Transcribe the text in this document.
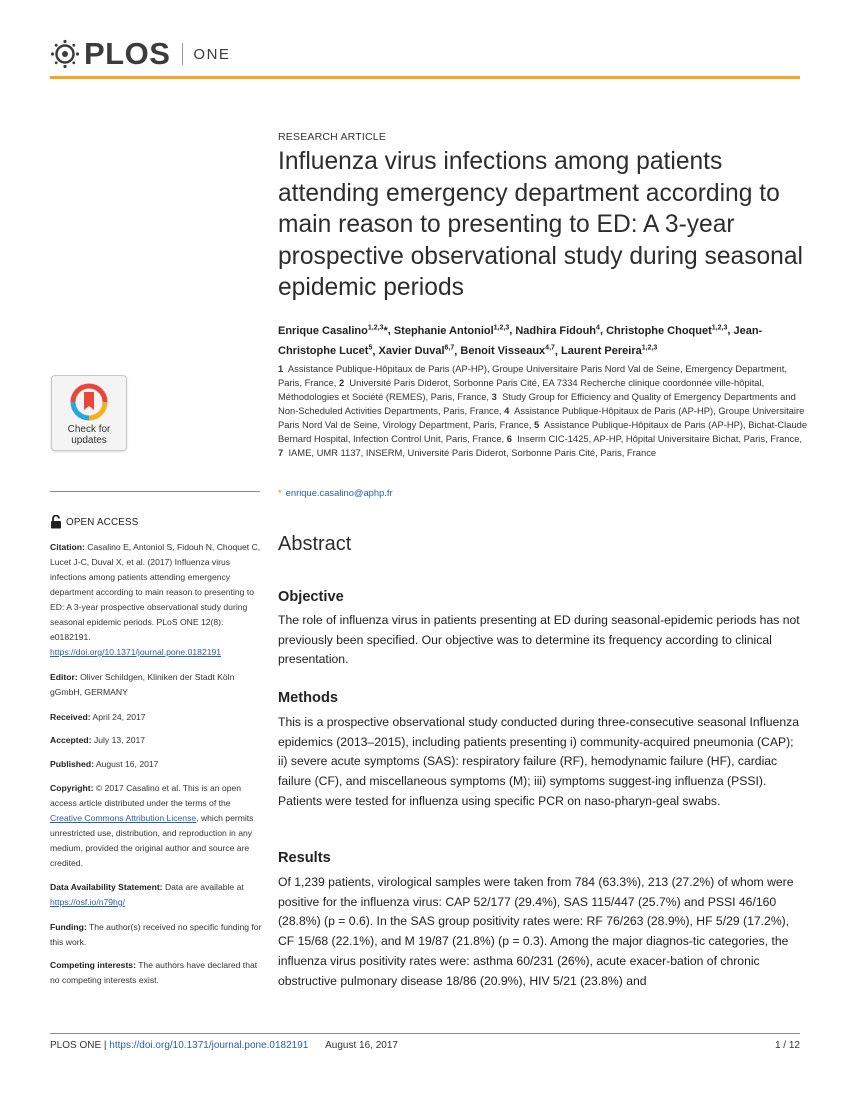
PLOS ONE
RESEARCH ARTICLE
Influenza virus infections among patients attending emergency department according to main reason to presenting to ED: A 3-year prospective observational study during seasonal epidemic periods
Enrique Casalino$^{1,2,3}$*, Stephanie Antoniol$^{1,2,3}$, Nadhira Fidouh$^4$, Christophe Choquet$^{1,2,3}$, Jean-Christophe Lucet$^5$, Xavier Duval$^{6,7}$, Benoit Visseaux$^{4,7}$, Laurent Pereira$^{1,2,3}$
1 Assistance Publique-Hôpitaux de Paris (AP-HP), Groupe Universitaire Paris Nord Val de Seine, Emergency Department, Paris, France, 2 Université Paris Diderot, Sorbonne Paris Cité, EA 7334 Recherche clinique coordonnée ville-hôpital, Méthodologies et Société (REMES), Paris, France, 3 Study Group for Efficiency and Quality of Emergency Departments and Non-Scheduled Activities Departments, Paris, France, 4 Assistance Publique-Hôpitaux de Paris (AP-HP), Groupe Universitaire Paris Nord Val de Seine, Virology Department, Paris, France, 5 Assistance Publique-Hôpitaux de Paris (AP-HP), Bichat-Claude Bernard Hospital, Infection Control Unit, Paris, France, 6 Inserm CIC-1425, AP-HP, Hôpital Universitaire Bichat, Paris, France, 7 IAME, UMR 1137, INSERM, Université Paris Diderot, Sorbonne Paris Cité, Paris, France
* enrique.casalino@aphp.fr
Check for
updates
OPEN ACCESS
Citation: Casalino E, Antoniol S, Fidouh N, Choquet C, Lucet J-C, Duval X, et al. (2017) Influenza virus infections among patients attending emergency department according to main reason to presenting to ED: A 3-year prospective observational study during seasonal epidemic periods. PLoS ONE 12(8): e0182191. https://doi.org/10.1371/journal.pone.0182191
Editor: Oliver Schildgen, Kliniken der Stadt Köln gGmbH, GERMANY
Received: April 24, 2017
Accepted: July 13, 2017
Published: August 16, 2017
Copyright: © 2017 Casalino et al. This is an open access article distributed under the terms of the Creative Commons Attribution License, which permits unrestricted use, distribution, and reproduction in any medium, provided the original author and source are credited.
Data Availability Statement: Data are available at https://osf.io/n79hg/
Funding: The author(s) received no specific funding for this work.
Competing interests: The authors have declared that no competing interests exist.
Abstract
Objective

The role of influenza virus in patients presenting at ED during seasonal-epidemic periods has not previously been specified. Our objective was to determine its frequency according to clinical presentation.

Methods

This is a prospective observational study conducted during three-consecutive seasonal Influenza epidemics (2013–2015), including patients presenting i) community-acquired pneumonia (CAP); ii) severe acute symptoms (SAS): respiratory failure (RF), hemodynamic failure (HF), cardiac failure (CF), and miscellaneous symptoms (M); iii) symptoms suggest-ing influenza (PSSI). Patients were tested for influenza using specific PCR on naso-pharyn-geal swabs.

Results

Of 1,239 patients, virological samples were taken from 784 (63.3%), 213 (27.2%) of whom were positive for the influenza virus: CAP 52/177 (29.4%), SAS 115/447 (25.7%) and PSSI 46/160 (28.8%) (p = 0.6). In the SAS group positivity rates were: RF 76/263 (28.9%), HF 5/29 (17.2%), CF 15/68 (22.1%), and M 19/87 (21.8%) (p = 0.3). Among the major diagnos-tic categories, the influenza virus positivity rates were: asthma 60/231 (26%), acute exacer-bation of chronic obstructive pulmonary disease 18/86 (20.9%), HIV 5/21 (23.8%) and

PLOS ONE | https://doi.org/10.1371/journal.pone.0182191 August 16, 2017	1 / 12
